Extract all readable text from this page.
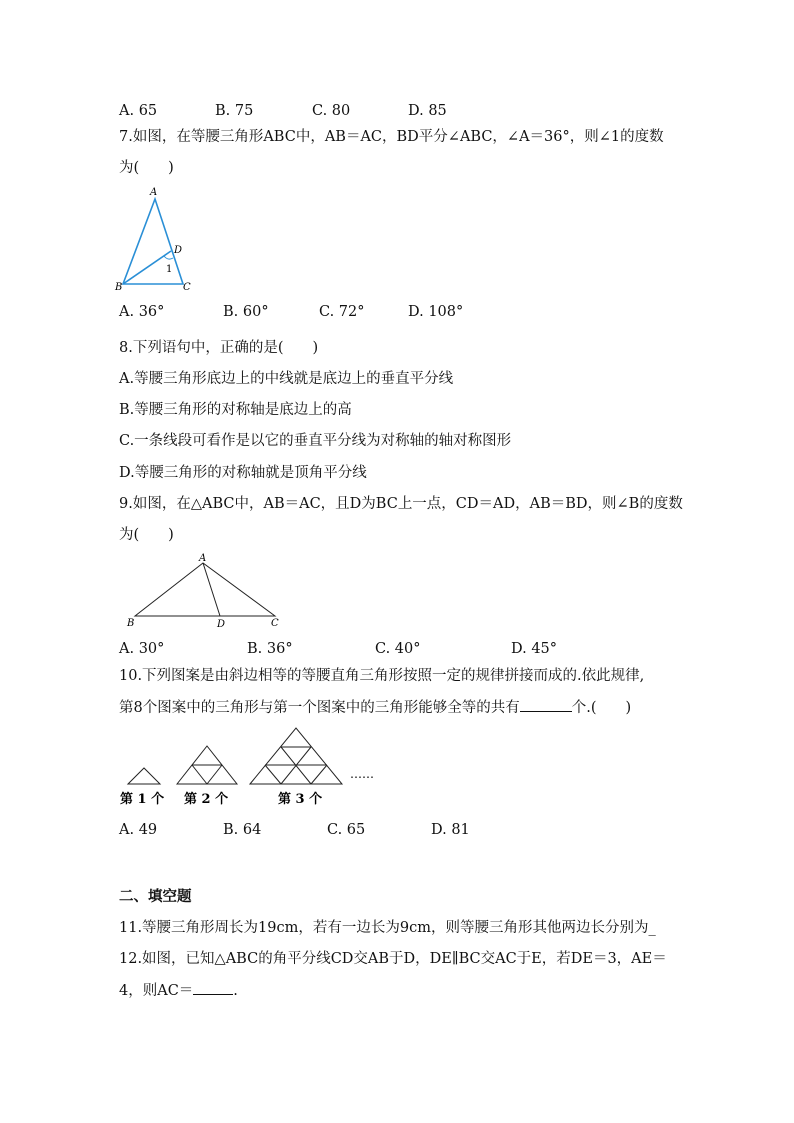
A. 65	B. 75	C. 80	D. 85
7.如图，在等腰三角形ABC中，AB＝AC，BD平分∠ABC，∠A＝36°，则∠1的度数
为(　　)
A
B	C
D
1
A. 36°	B. 60°	C. 72°	D. 108°
8.下列语句中，正确的是(　　)
A.等腰三角形底边上的中线就是底边上的垂直平分线
B.等腰三角形的对称轴是底边上的高
C.一条线段可看作是以它的垂直平分线为对称轴的轴对称图形
D.等腰三角形的对称轴就是顶角平分线
9.如图，在△ABC中，AB＝AC，且D为BC上一点，CD＝AD，AB＝BD，则∠B的度数
为(　　)
A
B	D	C
A. 30°	B. 36°	C. 40°	D. 45°
10.下列图案是由斜边相等的等腰直角三角形按照一定的规律拼接而成的.依此规律,
第8个图案中的三角形与第一个图案中的三角形能够全等的共有	个.(　　)
……
第 1 个 第 2 个	第 3 个
A. 49	B. 64	C. 65	D. 81
二、填空题
11.等腰三角形周长为19cm，若有一边长为9cm，则等腰三角形其他两边长分别为_
12.如图，已知△ABC的角平分线CD交AB于D，DE∥BC交AC于E，若DE＝3，AE＝
4，则AC＝	.
